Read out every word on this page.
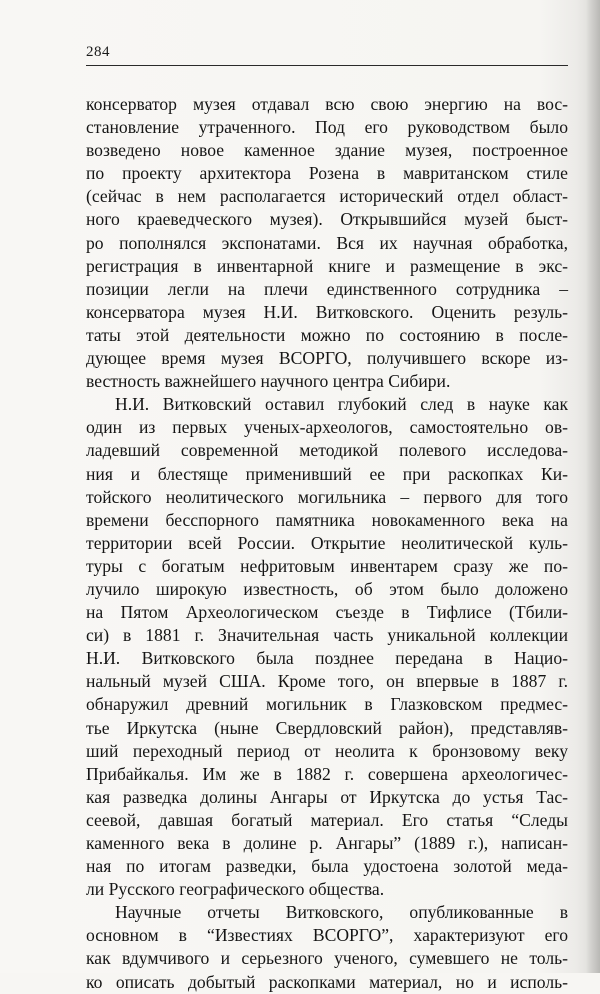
284
консерватор музея отдавал всю свою энергию на вос-
становление утраченного. Под его руководством было
возведено новое каменное здание музея, построенное
по проекту архитектора Розена в мавританском стиле
(сейчас в нем располагается исторический отдел област-
ного краеведческого музея). Открывшийся музей быст-
ро пополнялся экспонатами. Вся их научная обработка,
регистрация в инвентарной книге и размещение в экс-
позиции легли на плечи единственного сотрудника –
консерватора музея Н.И. Витковского. Оценить резуль-
таты этой деятельности можно по состоянию в после-
дующее время музея ВСОРГО, получившего вскоре из-
вестность важнейшего научного центра Сибири.
Н.И. Витковский оставил глубокий след в науке как
один из первых ученых-археологов, самостоятельно ов-
ладевший современной методикой полевого исследова-
ния и блестяще применивший ее при раскопках Ки-
тойского неолитического могильника – первого для того
времени бесспорного памятника новокаменного века на
территории всей России. Открытие неолитической куль-
туры с богатым нефритовым инвентарем сразу же по-
лучило широкую известность, об этом было доложено
на Пятом Археологическом съезде в Тифлисе (Тбили-
си) в 1881 г. Значительная часть уникальной коллекции
Н.И. Витковского была позднее передана в Нацио-
нальный музей США. Кроме того, он впервые в 1887 г.
обнаружил древний могильник в Глазковском предмес-
тье Иркутска (ныне Свердловский район), представляв-
ший переходный период от неолита к бронзовому веку
Прибайкалья. Им же в 1882 г. совершена археологичес-
кая разведка долины Ангары от Иркутска до устья Тас-
сеевой, давшая богатый материал. Его статья “Следы
каменного века в долине р. Ангары” (1889 г.), написан-
ная по итогам разведки, была удостоена золотой меда-
ли Русского географического общества.
Научные отчеты Витковского, опубликованные в
основном в “Известиях ВСОРГО”, характеризуют его
как вдумчивого и серьезного ученого, сумевшего не толь-
ко описать добытый раскопками материал, но и исполь-
